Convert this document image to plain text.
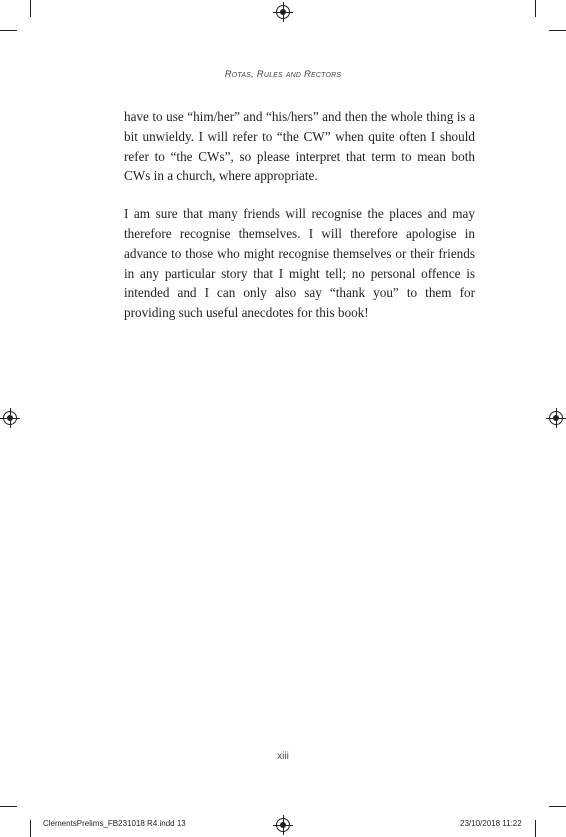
Rotas, Rules and Rectors

have to use “him/her” and “his/hers” and then the whole thing is a bit unwieldy. I will refer to “the CW” when quite often I should refer to “the CWs”, so please interpret that term to mean both CWs in a church, where appropriate.

I am sure that many friends will recognise the places and may therefore recognise themselves. I will therefore apologise in advance to those who might recognise themselves or their friends in any particular story that I might tell; no personal offence is intended and I can only also say “thank you” to them for providing such useful anecdotes for this book!

xiii
ClementsPrelims_FB231018 R4.indd 13	23/10/2018 11:22
